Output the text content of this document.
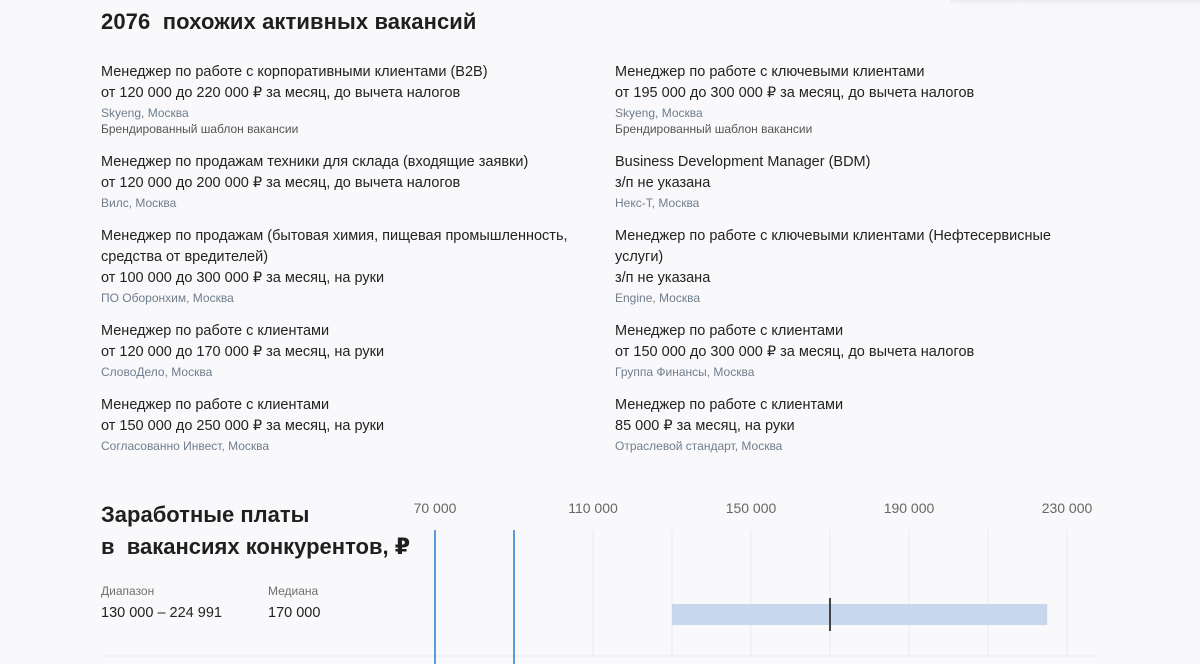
2076 похожих активных вакансий
Менеджер по работе с корпоративными клиентами (B2B)
от 120 000 до 220 000 ₽ за месяц, до вычета налогов
Skyeng, Москва
Брендированный шаблон вакансии
Менеджер по работе с ключевыми клиентами
от 195 000 до 300 000 ₽ за месяц, до вычета налогов
Skyeng, Москва
Брендированный шаблон вакансии
Менеджер по продажам техники для склада (входящие заявки)
от 120 000 до 200 000 ₽ за месяц, до вычета налогов
Вилс, Москва
Business Development Manager (BDM)
з/п не указана
Некс-Т, Москва
Менеджер по продажам (бытовая химия, пищевая промышленность, средства от вредителей)
от 100 000 до 300 000 ₽ за месяц, на руки
ПО Оборонхим, Москва
Менеджер по работе с ключевыми клиентами (Нефтесервисные услуги)
з/п не указана
Engine, Москва
Менеджер по работе с клиентами
от 120 000 до 170 000 ₽ за месяц, на руки
СловоДело, Москва
Менеджер по работе с клиентами
от 150 000 до 300 000 ₽ за месяц, до вычета налогов
Группа Финансы, Москва
Менеджер по работе с клиентами
от 150 000 до 250 000 ₽ за месяц, на руки
Согласованно Инвест, Москва
Менеджер по работе с клиентами
85 000 ₽ за месяц, на руки
Отраслевой стандарт, Москва
Заработные платы
в  вакансиях конкурентов, ₽
Диапазон
130 000 – 224 991
Медиана
170 000
70 000	110 000	150 000	190 000	230 000
